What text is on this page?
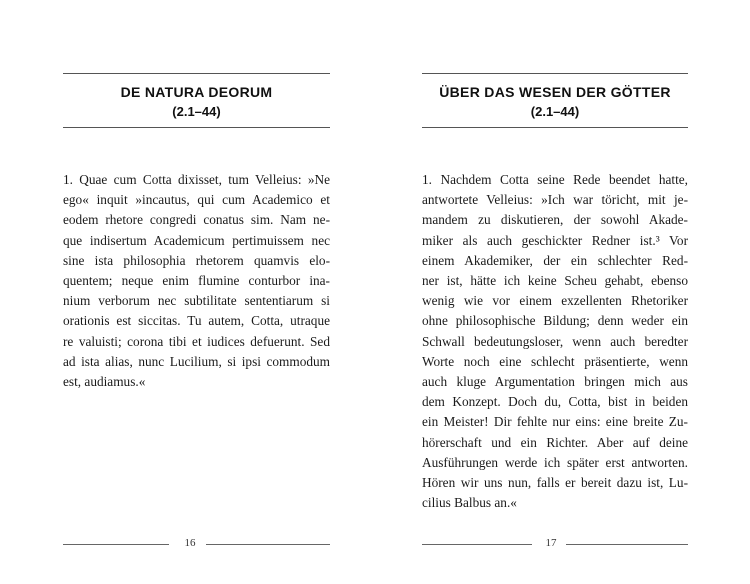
DE NATURA DEORUM
(2.1–44)
1. Quae cum Cotta dixisset, tum Velleius: »Ne
ego« inquit »incautus, qui cum Academico et
eodem rhetore congredi conatus sim. Nam ne-
que indisertum Academicum pertimuissem nec
sine ista philosophia rhetorem quamvis elo-
quentem; neque enim flumine conturbor ina-
nium verborum nec subtilitate sententiarum si
orationis est siccitas. Tu autem, Cotta, utraque
re valuisti; corona tibi et iudices defuerunt. Sed
ad ista alias, nunc Lucilium, si ipsi commodum
est, audiamus.«
16
ÜBER DAS WESEN DER GÖTTER
(2.1–44)
1. Nachdem Cotta seine Rede beendet hatte,
antwortete Velleius: »Ich war töricht, mit je-
mandem zu diskutieren, der sowohl Akade-
miker als auch geschickter Redner ist.³ Vor
einem Akademiker, der ein schlechter Red-
ner ist, hätte ich keine Scheu gehabt, ebenso
wenig wie vor einem exzellenten Rhetoriker
ohne philosophische Bildung; denn weder ein
Schwall bedeutungsloser, wenn auch beredter
Worte noch eine schlecht präsentierte, wenn
auch kluge Argumentation bringen mich aus
dem Konzept. Doch du, Cotta, bist in beiden
ein Meister! Dir fehlte nur eins: eine breite Zu-
hörerschaft und ein Richter. Aber auf deine
Ausführungen werde ich später erst antworten.
Hören wir uns nun, falls er bereit dazu ist, Lu-
cilius Balbus an.«
17
